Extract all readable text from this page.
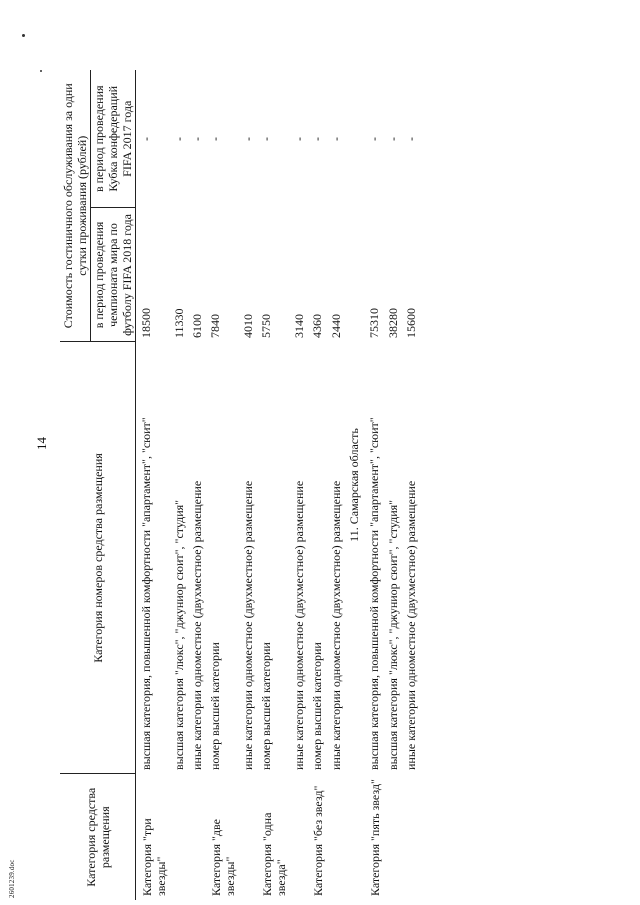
14
2601239.doc	Категория средства размещения	Категория номеров средства размещения	Стоимость гостиничного обслуживания за одни сутки проживания (рублей)	
		в период проведения чемпионата мира по футболу FIFA 2018 года	в период проведения Кубка конфедераций FIFA 2017 года
Категория "три звезды"	высшая категория, повышенной комфортности "апартамент", "сюит"	18500	-
	высшая категория "люкс", "джуниор сюит", "студия"	11330	-
	иные категории одноместное (двухместное) размещение	6100	-
Категория "две звезды"	номер высшей категории	7840	-
	иные категории одноместное (двухместное) размещение	4010	-
Категория "одна звезда"	номер высшей категории	5750	-
	иные категории одноместное (двухместное) размещение	3140	-
Категория "без звезд"	номер высшей категории	4360	-
	иные категории одноместное (двухместное) размещение	2440	-
11. Самарская область			
Категория "пять звезд"	высшая категория, повышенной комфортности "апартамент", "сюит"	75310	-
	высшая категория "люкс", "джуниор сюит", "студия"	38280	-
	иные категории одноместное (двухместное) размещение	15600	-
